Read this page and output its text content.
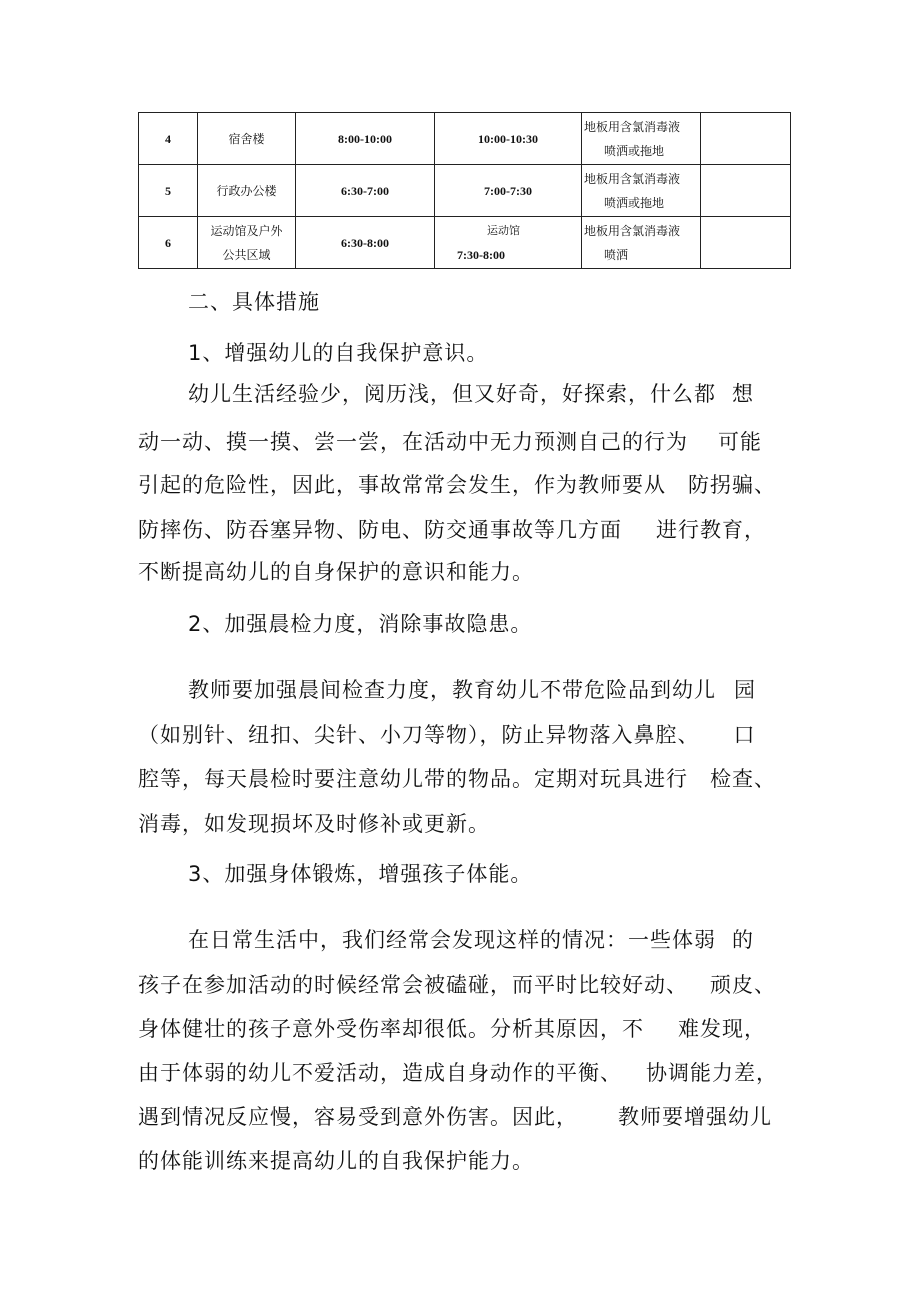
4	宿舍楼	8:00-10:00	10:00-10:30	地板用含氯消毒液
喷洒或拖地	

5	行政办公楼	6:30-7:00	7:00-7:30	地板用含氯消毒液
喷洒或拖地	

6	运动馆及户外
公共区域	6:30-8:00	运动馆
7:30-8:00	地板用含氯消毒液
喷洒	

二、具体措施
1、增强幼儿的自我保护意识。
幼儿生活经验少，阅历浅，但又好奇，好探索，什么都 想
动一动、摸一摸、尝一尝，在活动中无力预测自己的行为 可能
引起的危险性，因此，事故常常会发生，作为教师要从 防拐骗、
防摔伤、防吞塞异物、防电、防交通事故等几方面 进行教育，
不断提高幼儿的自身保护的意识和能力。
2、加强晨检力度，消除事故隐患。
教师要加强晨间检查力度，教育幼儿不带危险品到幼儿 园
（如别针、纽扣、尖针、小刀等物），防止异物落入鼻腔、 口
腔等，每天晨检时要注意幼儿带的物品。定期对玩具进行 检查、
消毒，如发现损坏及时修补或更新。
3、加强身体锻炼，增强孩子体能。
在日常生活中，我们经常会发现这样的情况：一些体弱 的
孩子在参加活动的时候经常会被磕碰，而平时比较好动、 顽皮、
身体健壮的孩子意外受伤率却很低。分析其原因，不 难发现，
由于体弱的幼儿不爱活动，造成自身动作的平衡、 协调能力差，
遇到情况反应慢，容易受到意外伤害。因此， 教师要增强幼儿
的体能训练来提高幼儿的自我保护能力。
